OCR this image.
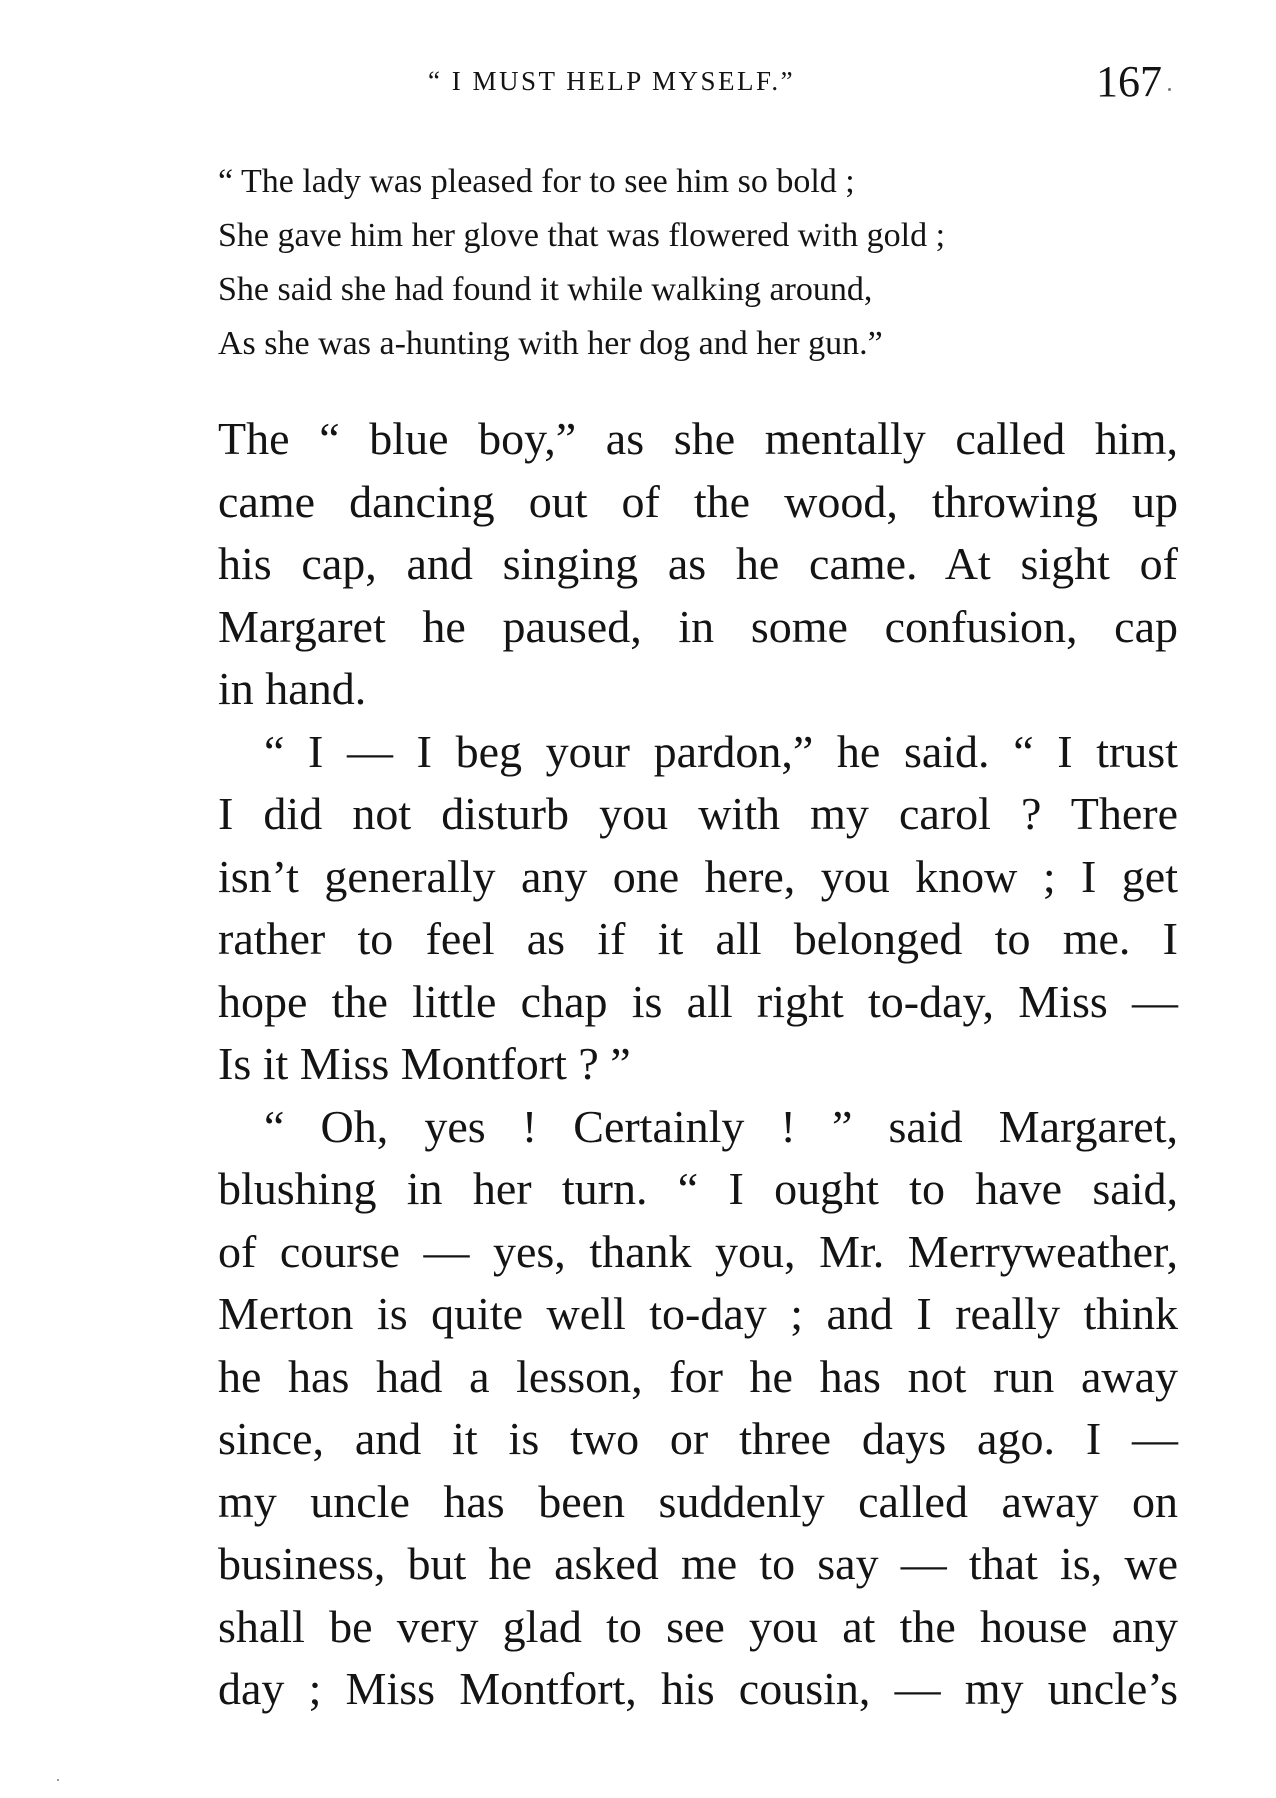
“ I MUST HELP MYSELF.”	167
“ The lady was pleased for to see him so bold ;
She gave him her glove that was flowered with gold ;
She said she had found it while walking around,
As she was a-hunting with her dog and her gun.”
The “ blue boy,” as she mentally called him,
came dancing out of the wood, throwing up
his cap, and singing as he came. At sight of
Margaret he paused, in some confusion, cap
in hand.
“ I — I beg your pardon,” he said. “ I trust
I did not disturb you with my carol ? There
isn’t generally any one here, you know ; I get
rather to feel as if it all belonged to me. I
hope the little chap is all right to-day, Miss —
Is it Miss Montfort ? ”
“ Oh, yes ! Certainly ! ” said Margaret,
blushing in her turn. “ I ought to have said,
of course — yes, thank you, Mr. Merryweather,
Merton is quite well to-day ; and I really think
he has had a lesson, for he has not run away
since, and it is two or three days ago. I —
my uncle has been suddenly called away on
business, but he asked me to say — that is, we
shall be very glad to see you at the house any
day ; Miss Montfort, his cousin, — my uncle’s
